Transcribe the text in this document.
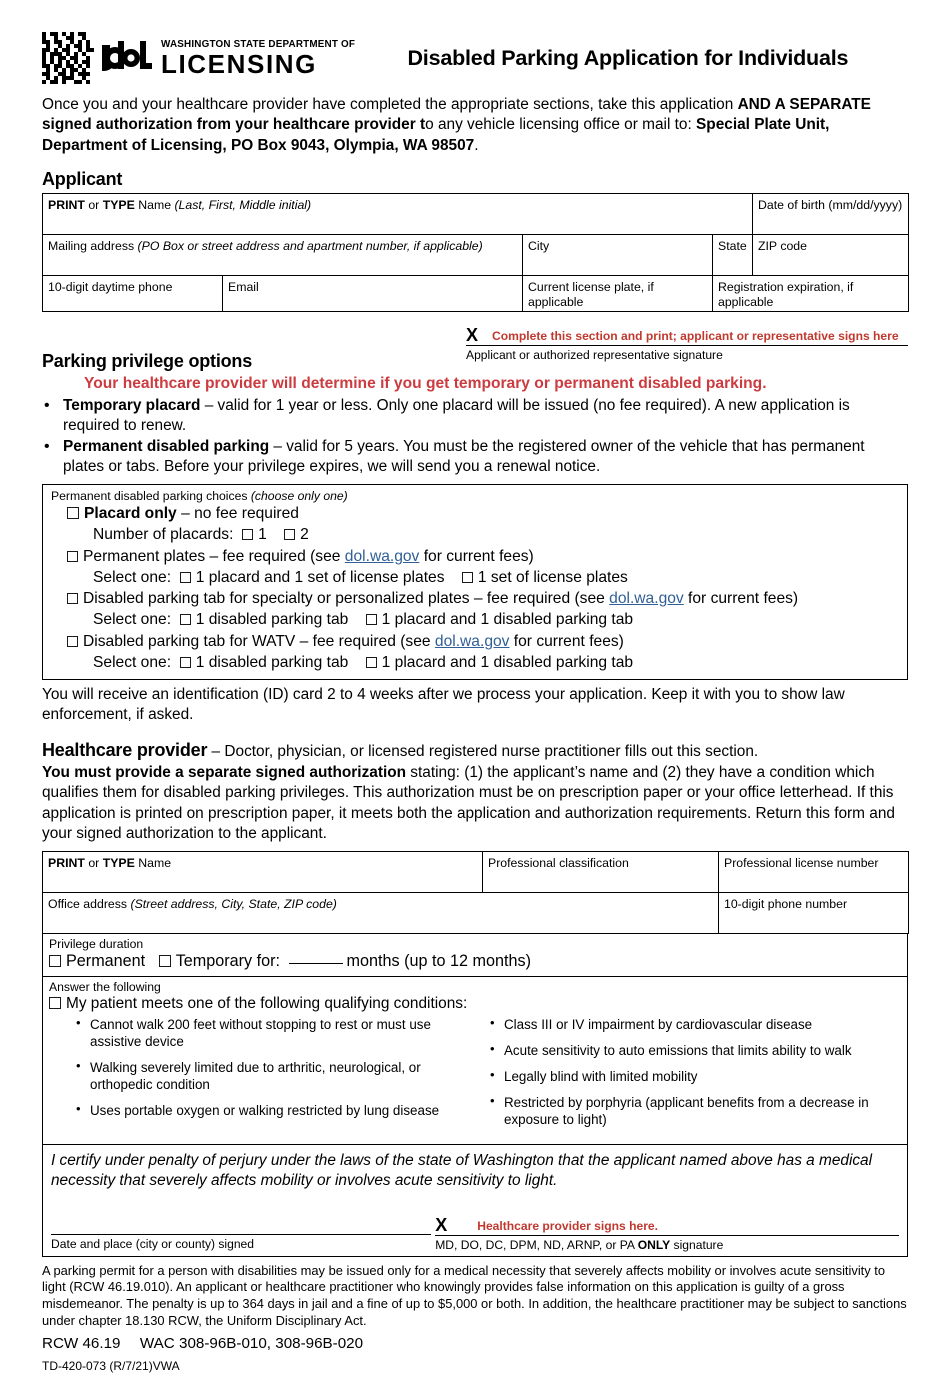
WASHINGTON STATE DEPARTMENT OF
LICENSING	Disabled Parking Application for Individuals
Once you and your healthcare provider have completed the appropriate sections, take this application AND A SEPARATE signed authorization from your healthcare provider to any vehicle licensing office or mail to: Special Plate Unit, Department of Licensing, PO Box 9043, Olympia, WA 98507.
Applicant
PRINT or TYPE Name (Last, First, Middle initial)				Date of birth (mm/dd/yyyy)
Mailing address (PO Box or street address and apartment number, if applicable)		City	State	ZIP code
10-digit daytime phone	Email	Current license plate, if applicable	Registration expiration, if applicable	
X Complete this section and print; applicant or representative signs here
Applicant or authorized representative signature
Parking privilege options
Your healthcare provider will determine if you get temporary or permanent disabled parking.
• Temporary placard – valid for 1 year or less. Only one placard will be issued (no fee required). A new application is required to renew.
• Permanent disabled parking – valid for 5 years. You must be the registered owner of the vehicle that has permanent plates or tabs. Before your privilege expires, we will send you a renewal notice.
Permanent disabled parking choices (choose only one)
Placard only – no fee required
Number of placards: 1 2
Permanent plates – fee required (see dol.wa.gov for current fees)
Select one: 1 placard and 1 set of license plates 1 set of license plates
Disabled parking tab for specialty or personalized plates – fee required (see dol.wa.gov for current fees)
Select one: 1 disabled parking tab 1 placard and 1 disabled parking tab
Disabled parking tab for WATV – fee required (see dol.wa.gov for current fees)
Select one: 1 disabled parking tab 1 placard and 1 disabled parking tab
You will receive an identification (ID) card 2 to 4 weeks after we process your application. Keep it with you to show law enforcement, if asked.
Healthcare provider – Doctor, physician, or licensed registered nurse practitioner fills out this section.
You must provide a separate signed authorization stating: (1) the applicant’s name and (2) they have a condition which qualifies them for disabled parking privileges. This authorization must be on prescription paper or your office letterhead. If this application is printed on prescription paper, it meets both the application and authorization requirements. Return this form and your signed authorization to the applicant.
PRINT or TYPE Name	Professional classification	Professional license number
Office address (Street address, City, State, ZIP code)		10-digit phone number
Privilege duration
Permanent Temporary for:	months (up to 12 months)
Answer the following
My patient meets one of the following qualifying conditions:
• Cannot walk 200 feet without stopping to rest or must use assistive device
• Walking severely limited due to arthritic, neurological, or orthopedic condition
• Uses portable oxygen or walking restricted by lung disease
• Class III or IV impairment by cardiovascular disease
• Acute sensitivity to auto emissions that limits ability to walk
• Legally blind with limited mobility
• Restricted by porphyria (applicant benefits from a decrease in exposure to light)
I certify under penalty of perjury under the laws of the state of Washington that the applicant named above has a medical necessity that severely affects mobility or involves acute sensitivity to light.
Date and place (city or county) signed
X Healthcare provider signs here.
MD, DO, DC, DPM, ND, ARNP, or PA ONLY signature
A parking permit for a person with disabilities may be issued only for a medical necessity that severely affects mobility or involves acute sensitivity to light (RCW 46.19.010). An applicant or healthcare practitioner who knowingly provides false information on this application is guilty of a gross misdemeanor. The penalty is up to 364 days in jail and a fine of up to $5,000 or both. In addition, the healthcare practitioner may be subject to sanctions under chapter 18.130 RCW, the Uniform Disciplinary Act.
RCW 46.19  WAC 308-96B-010, 308-96B-020
TD-420-073 (R/7/21)VWA
